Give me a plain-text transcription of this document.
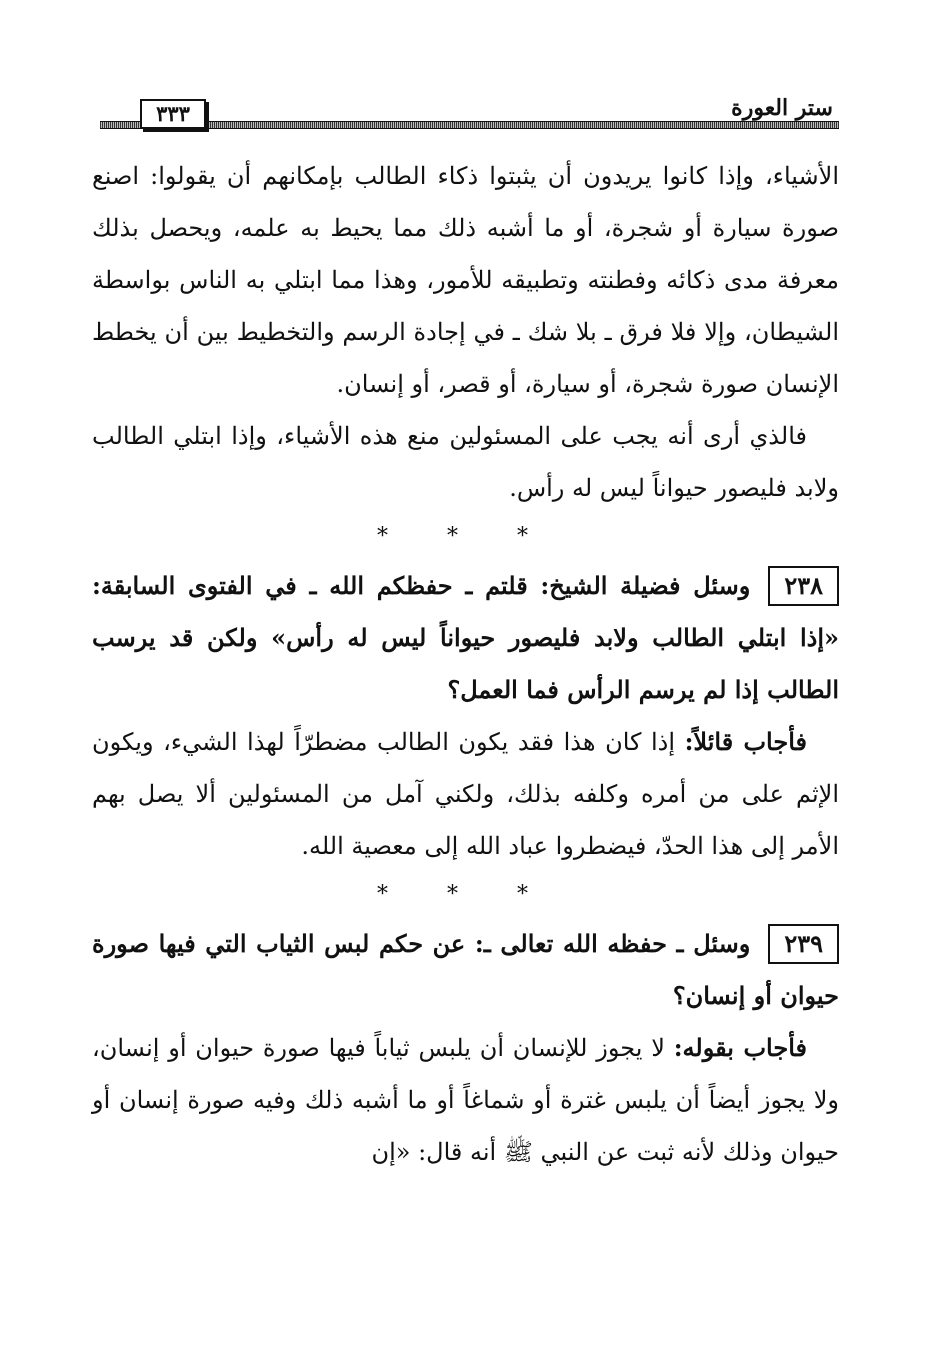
ستر العورة
٣٣٣

الأشياء، وإذا كانوا يريدون أن يثبتوا ذكاء الطالب بإمكانهم أن يقولوا: اصنع صورة سيارة أو شجرة، أو ما أشبه ذلك مما يحيط به علمه، ويحصل بذلك معرفة مدى ذكائه وفطنته وتطبيقه للأمور، وهذا مما ابتلي به الناس بواسطة الشيطان، وإلا فلا فرق ـ بلا شك ـ في إجادة الرسم والتخطيط بين أن يخطط الإنسان صورة شجرة، أو سيارة، أو قصر، أو إنسان.

فالذي أرى أنه يجب على المسئولين منع هذه الأشياء، وإذا ابتلي الطالب ولابد فليصور حيواناً ليس له رأس.

* * *

٢٣٨وسئل فضيلة الشيخ: قلتم ـ حفظكم الله ـ في الفتوى السابقة: «إذا ابتلي الطالب ولابد فليصور حيواناً ليس له رأس» ولكن قد يرسب الطالب إذا لم يرسم الرأس فما العمل؟

فأجاب قائلاً: إذا كان هذا فقد يكون الطالب مضطرّاً لهذا الشيء، ويكون الإثم على من أمره وكلفه بذلك، ولكني آمل من المسئولين ألا يصل بهم الأمر إلى هذا الحدّ، فيضطروا عباد الله إلى معصية الله.

* * *

٢٣٩وسئل ـ حفظه الله تعالى ـ: عن حكم لبس الثياب التي فيها صورة حيوان أو إنسان؟

فأجاب بقوله: لا يجوز للإنسان أن يلبس ثياباً فيها صورة حيوان أو إنسان، ولا يجوز أيضاً أن يلبس غترة أو شماغاً أو ما أشبه ذلك وفيه صورة إنسان أو حيوان وذلك لأنه ثبت عن النبي ﷺ أنه قال: «إن
